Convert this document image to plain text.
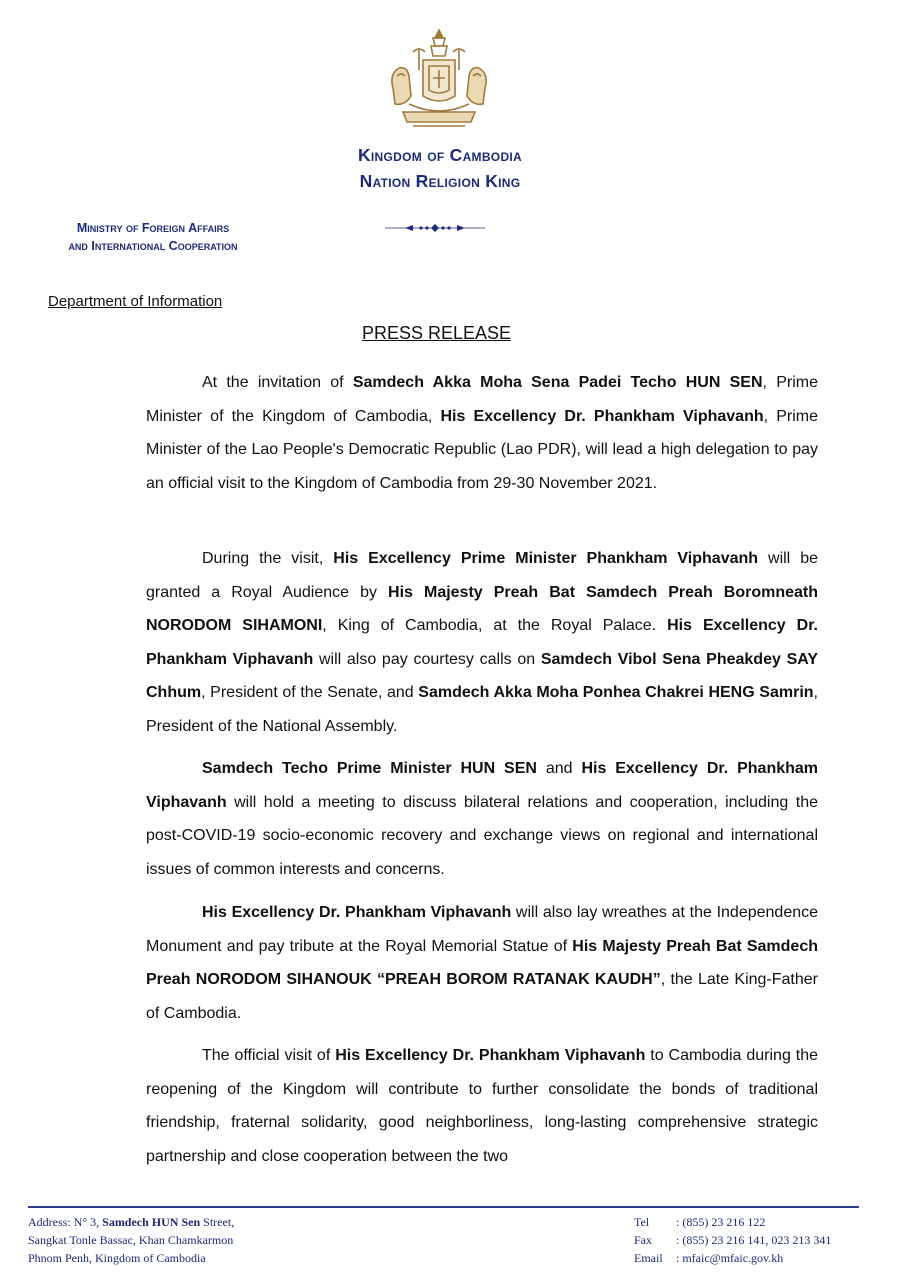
Kingdom of Cambodia
Nation Religion King
Ministry of Foreign Affairs
and International Cooperation
Department of Information
PRESS RELEASE
At the invitation of Samdech Akka Moha Sena Padei Techo HUN SEN, Prime Minister of the Kingdom of Cambodia, His Excellency Dr. Phankham Viphavanh, Prime Minister of the Lao People's Democratic Republic (Lao PDR), will lead a high delegation to pay an official visit to the Kingdom of Cambodia from 29-30 November 2021.
During the visit, His Excellency Prime Minister Phankham Viphavanh will be granted a Royal Audience by His Majesty Preah Bat Samdech Preah Boromneath NORODOM SIHAMONI, King of Cambodia, at the Royal Palace. His Excellency Dr. Phankham Viphavanh will also pay courtesy calls on Samdech Vibol Sena Pheakdey SAY Chhum, President of the Senate, and Samdech Akka Moha Ponhea Chakrei HENG Samrin, President of the National Assembly.
Samdech Techo Prime Minister HUN SEN and His Excellency Dr. Phankham Viphavanh will hold a meeting to discuss bilateral relations and cooperation, including the post-COVID-19 socio-economic recovery and exchange views on regional and international issues of common interests and concerns.
His Excellency Dr. Phankham Viphavanh will also lay wreathes at the Independence Monument and pay tribute at the Royal Memorial Statue of His Majesty Preah Bat Samdech Preah NORODOM SIHANOUK “PREAH BOROM RATANAK KAUDH”, the Late King-Father of Cambodia.
The official visit of His Excellency Dr. Phankham Viphavanh to Cambodia during the reopening of the Kingdom will contribute to further consolidate the bonds of traditional friendship, fraternal solidarity, good neighborliness, long-lasting comprehensive strategic partnership and close cooperation between the two
Address: N° 3, Samdech HUN Sen Street,
Sangkat Tonle Bassac, Khan Chamkarmon
Phnom Penh, Kingdom of Cambodia
Tel : (855) 23 216 122
Fax : (855) 23 216 141, 023 213 341
Email : mfaic@mfaic.gov.kh
